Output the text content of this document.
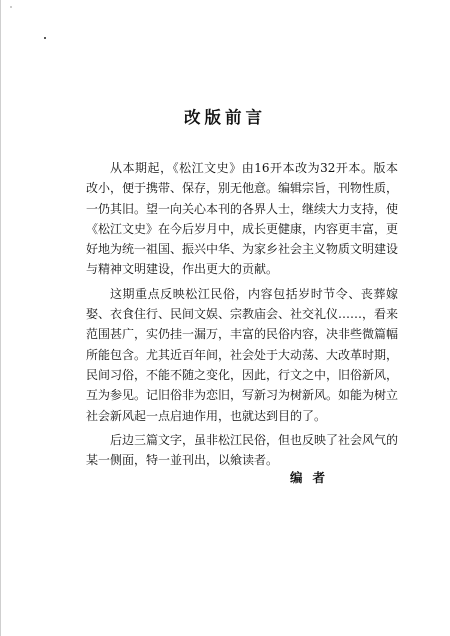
改版前言

从本期起，《松江文史》由16开本改为32开本。版本改小，便于携带、保存，别无他意。编辑宗旨，刊物性质，一仍其旧。望一向关心本刊的各界人士，继续大力支持，使《松江文史》在今后岁月中，成长更健康，内容更丰富，更好地为统一祖国、振兴中华、为家乡社会主义物质文明建设与精神文明建设，作出更大的贡献。

这期重点反映松江民俗，内容包括岁时节令、丧葬嫁娶、衣食住行、民间文娱、宗教庙会、社交礼仪……，看来范围甚广，实仍挂一漏万，丰富的民俗内容，决非些微篇幅所能包含。尤其近百年间，社会处于大动荡、大改革时期，民间习俗，不能不随之变化，因此，行文之中，旧俗新风，互为参见。记旧俗非为恋旧，写新习为树新风。如能为树立社会新风起一点启迪作用，也就达到目的了。

后边三篇文字，虽非松江民俗，但也反映了社会风气的某一侧面，特一並刊出，以飨读者。

编者
